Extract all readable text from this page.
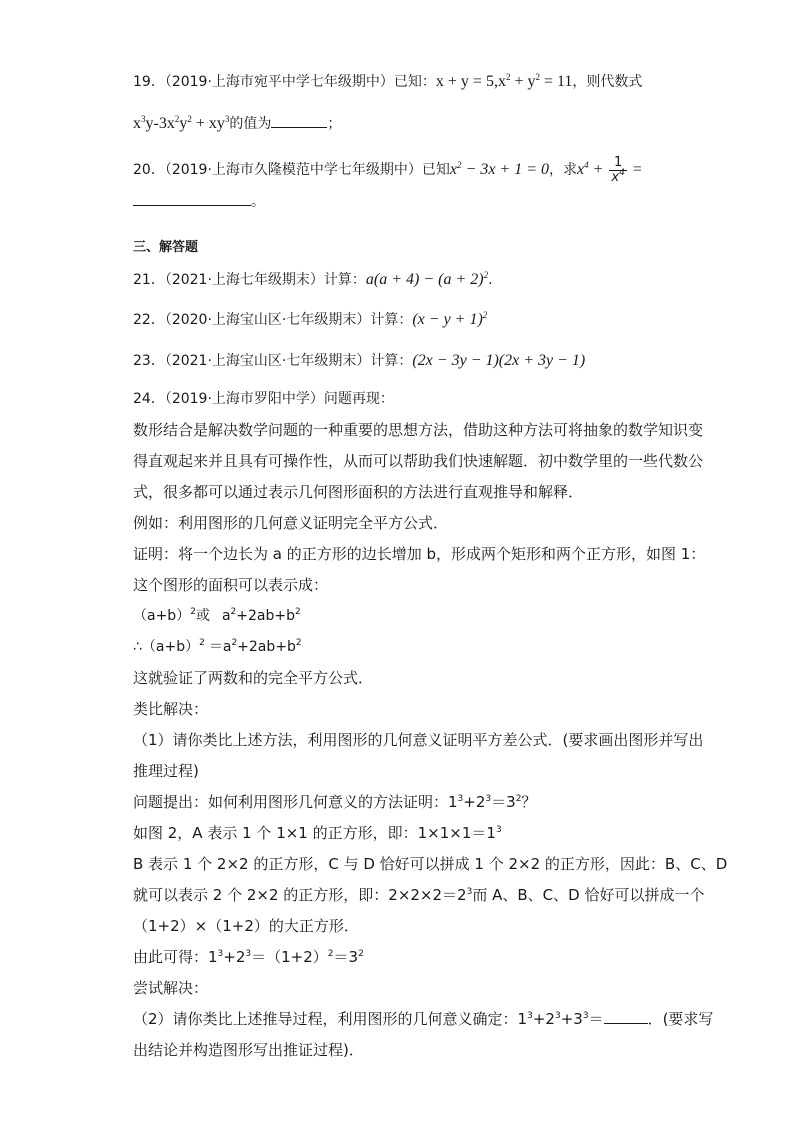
19．（2019·上海市宛平中学七年级期中）已知：$x + y = 5,x^2 + y^2 = 11$，则代数式
$x^3y-3x^2y^2 + xy^3$的值为	；
20．（2019·上海市久隆模范中学七年级期中）已知$x^2 - 3x + 1 = 0$，求$x^4 + \frac{1}{x^4}$ =
。
三、解答题
21．（2021·上海七年级期末）计算：$a(a + 4) - (a + 2)^2$.
22．（2020·上海宝山区·七年级期末）计算：$(x - y + 1)^2$
23．（2021·上海宝山区·七年级期末）计算：(2x − 3y − 1)(2x + 3y − 1)
24．（2019·上海市罗阳中学）问题再现：
数形结合是解决数学问题的一种重要的思想方法，借助这种方法可将抽象的数学知识变
得直观起来并且具有可操作性，从而可以帮助我们快速解题．初中数学里的一些代数公
式，很多都可以通过表示几何图形面积的方法进行直观推导和解释．
例如：利用图形的几何意义证明完全平方公式．
证明：将一个边长为 a 的正方形的边长增加 b，形成两个矩形和两个正方形，如图 1：
这个图形的面积可以表示成：
$(a+b)^2$或 $a^2+2ab+b^2$
$\therefore(a+b)^2 =a^2+2ab+b^2$
这就验证了两数和的完全平方公式．
类比解决：
（1）请你类比上述方法，利用图形的几何意义证明平方差公式．(要求画出图形并写出
推理过程)
问题提出：如何利用图形几何意义的方法证明：$1^3+2^3=3^2$？
如图 2，A 表示 1 个 1×1 的正方形，即：$1\times 1\times 1=1^3$
B 表示 1 个 2×2 的正方形，C 与 D 恰好可以拼成 1 个 2×2 的正方形，因此：B、C、D
就可以表示 2 个 2×2 的正方形，即：$2\times 2\times 2=2^3$而 A、B、C、D 恰好可以拼成一个
（1+2）×（1+2）的大正方形．
由此可得：$1^3+2^3=(1+2)^2=3^2$
尝试解决：
（2）请你类比上述推导过程，利用图形的几何意义确定：$1^3+2^3+3^3=$	．(要求写
出结论并构造图形写出推证过程)．
